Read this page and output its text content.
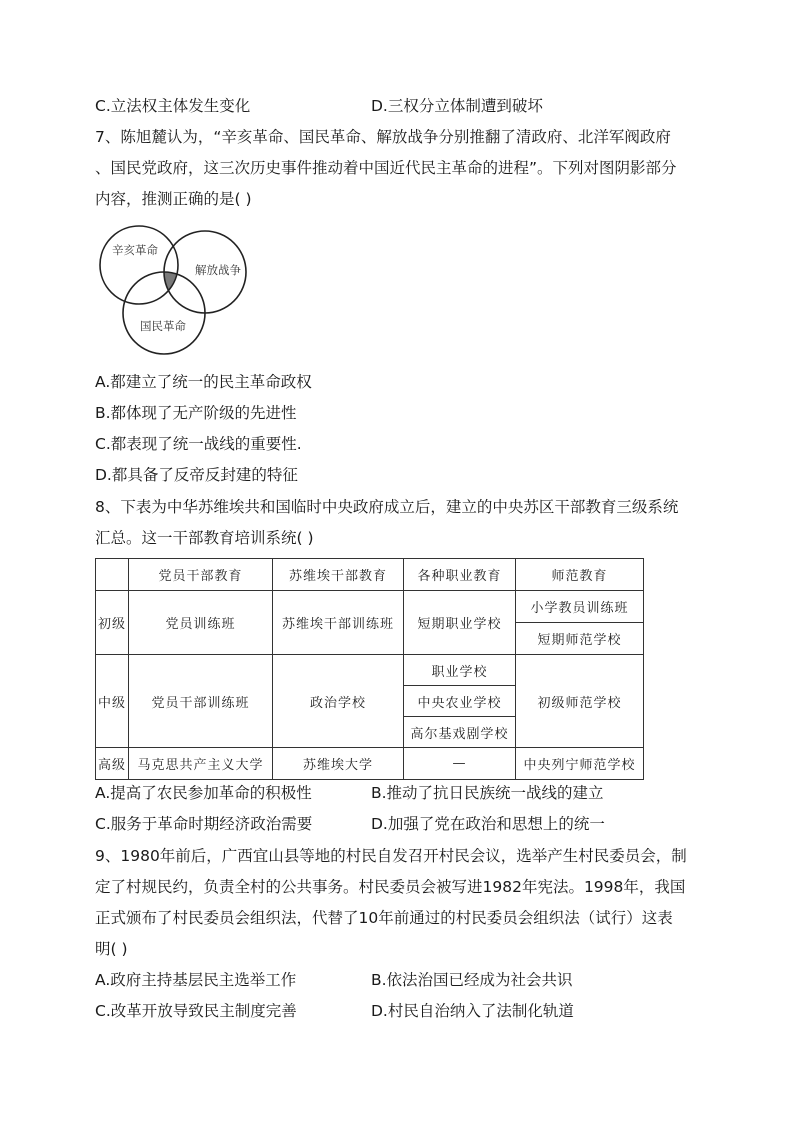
C.立法权主体发生变化	D.三权分立体制遭到破坏
7、陈旭麓认为，“辛亥革命、国民革命、解放战争分别推翻了清政府、北洋军阀政府
、国民党政府，这三次历史事件推动着中国近代民主革命的进程”。下列对图阴影部分
内容，推测正确的是( )
辛亥革命
解放战争
国民革命
A.都建立了统一的民主革命政权
B.都体现了无产阶级的先进性
C.都表现了统一战线的重要性.
D.都具备了反帝反封建的特征
8、下表为中华苏维埃共和国临时中央政府成立后，建立的中央苏区干部教育三级系统
汇总。这一干部教育培训系统( )
	党员干部教育	苏维埃干部教育	各种职业教育	师范教育
初级	党员训练班	苏维埃干部训练班	短期职业学校	小学教员训练班
				短期师范学校
中级	党员干部训练班	政治学校	职业学校	初级师范学校
			中央农业学校	
			高尔基戏剧学校	
高级	马克思共产主义大学	苏维埃大学	—	中央列宁师范学校
A.提高了农民参加革命的积极性	B.推动了抗日民族统一战线的建立
C.服务于革命时期经济政治需要	D.加强了党在政治和思想上的统一
9、1980年前后，广西宜山县等地的村民自发召开村民会议，选举产生村民委员会，制
定了村规民约，负责全村的公共事务。村民委员会被写进1982年宪法。1998年，我国
正式颁布了村民委员会组织法，代替了10年前通过的村民委员会组织法（试行）这表
明( )
A.政府主持基层民主选举工作	B.依法治国已经成为社会共识
C.改革开放导致民主制度完善	D.村民自治纳入了法制化轨道
